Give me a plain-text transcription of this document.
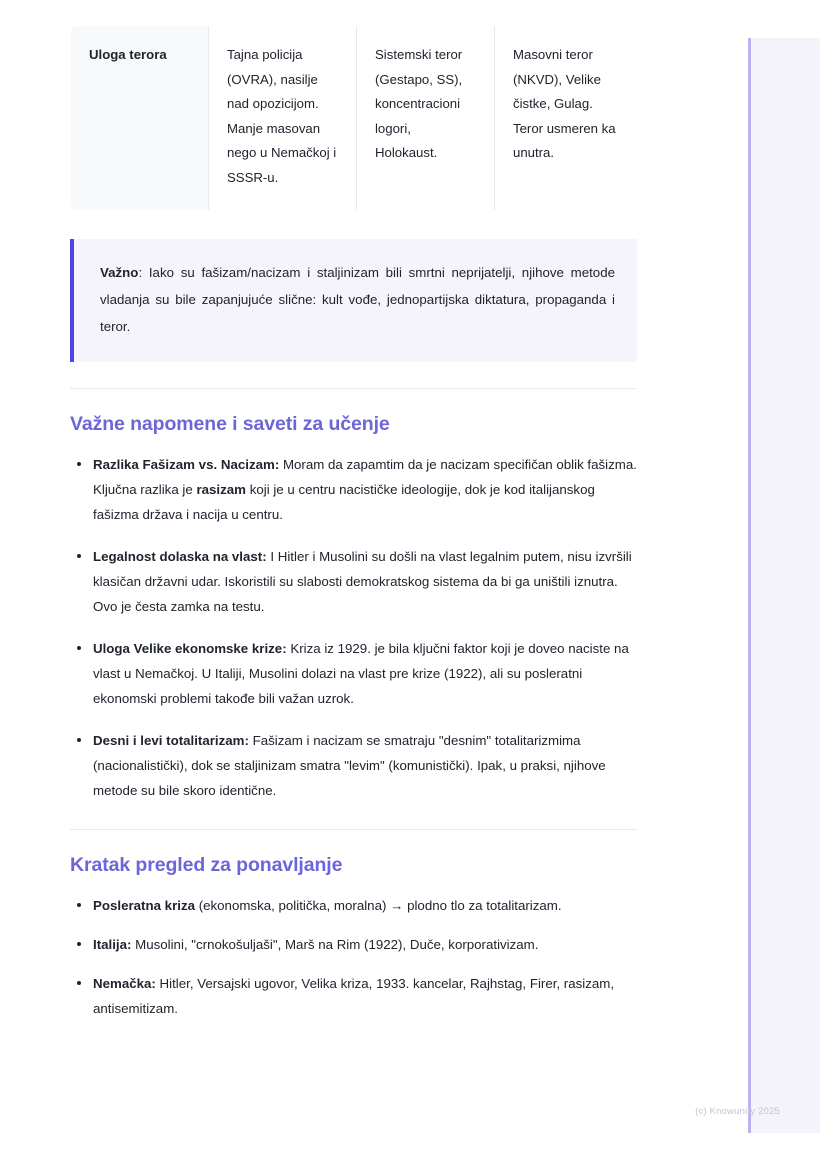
Uloga terora	Tajna policija (OVRA), nasilje nad opozicijom. Manje masovan nego u Nemačkoj i SSSR-u.	Sistemski teror (Gestapo, SS), koncentracioni logori, Holokaust.	Masovni teror (NKVD), Velike čistke, Gulag. Teror usmeren ka unutra.
Važno: Iako su fašizam/nacizam i staljinizam bili smrtni neprijatelji, njihove metode vladanja su bile zapanjujuće slične: kult vođe, jednopartijska diktatura, propaganda i teror.
Važne napomene i saveti za učenje
Razlika Fašizam vs. Nacizam: Moram da zapamtim da je nacizam specifičan oblik fašizma. Ključna razlika je rasizam koji je u centru nacističke ideologije, dok je kod italijanskog fašizma država i nacija u centru.
Legalnost dolaska na vlast: I Hitler i Musolini su došli na vlast legalnim putem, nisu izvršili klasičan državni udar. Iskoristili su slabosti demokratskog sistema da bi ga uništili iznutra. Ovo je česta zamka na testu.
Uloga Velike ekonomske krize: Kriza iz 1929. je bila ključni faktor koji je doveo naciste na vlast u Nemačkoj. U Italiji, Musolini dolazi na vlast pre krize (1922), ali su posleratni ekonomski problemi takođe bili važan uzrok.
Desni i levi totalitarizam: Fašizam i nacizam se smatraju "desnim" totalitarizmima (nacionalistički), dok se staljinizam smatra "levim" (komunistički). Ipak, u praksi, njihove metode su bile skoro identične.
Kratak pregled za ponavljanje
Posleratna kriza (ekonomska, politička, moralna) → plodno tlo za totalitarizam.
Italija: Musolini, "crnokošuljaši", Marš na Rim (1922), Duče, korporativizam.
Nemačka: Hitler, Versajski ugovor, Velika kriza, 1933. kancelar, Rajhstag, Firer, rasizam, antisemitizam.
(c) Knowunity 2025
